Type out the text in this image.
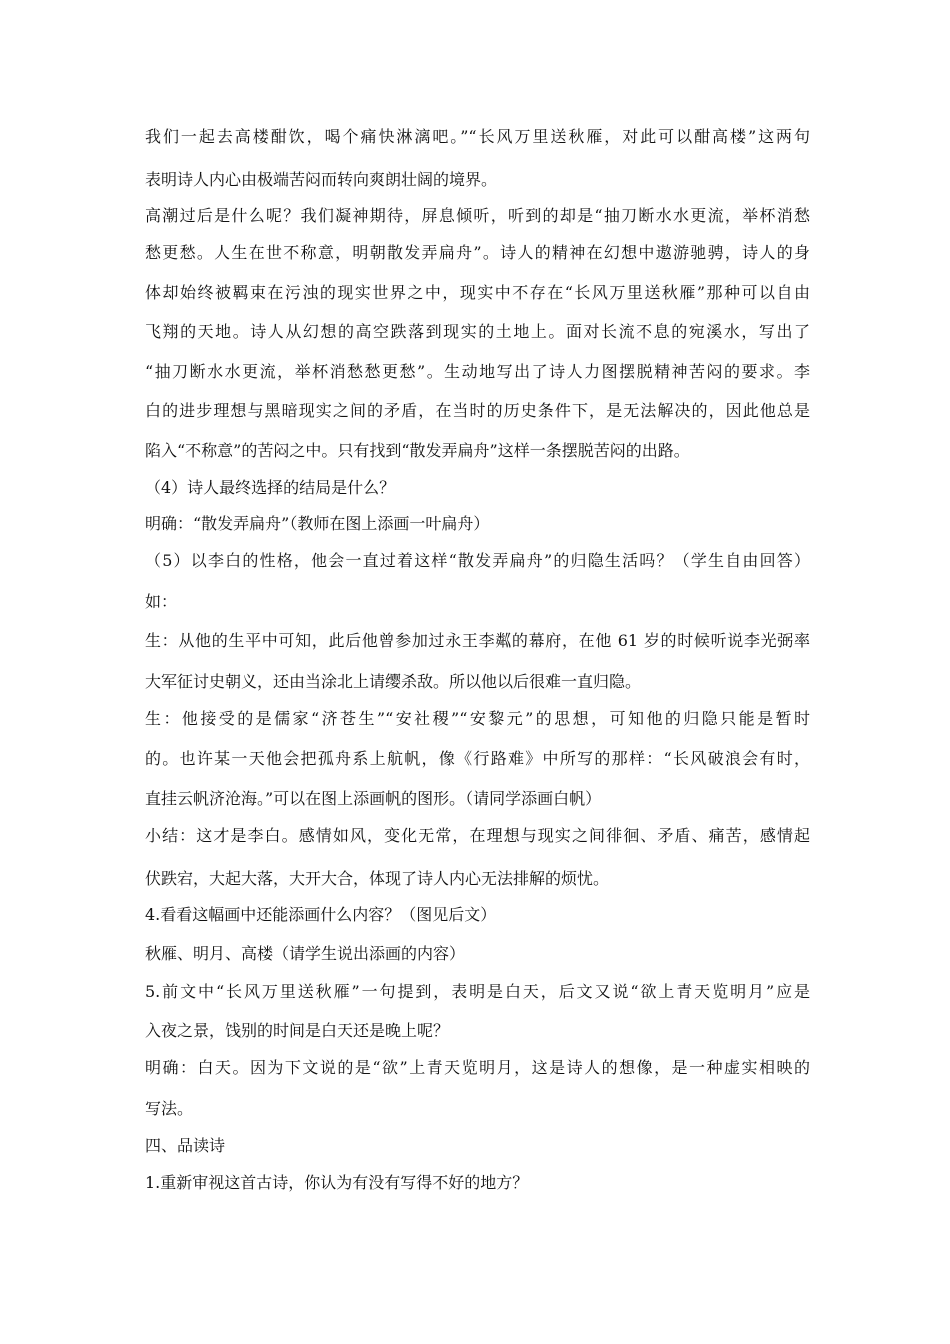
我们一起去高楼酣饮，喝个痛快淋漓吧。”“长风万里送秋雁，对此可以酣高楼”这两句
表明诗人内心由极端苦闷而转向爽朗壮阔的境界。
高潮过后是什么呢？我们凝神期待，屏息倾听，听到的却是“抽刀断水水更流，举杯消愁
愁更愁。人生在世不称意，明朝散发弄扁舟”。诗人的精神在幻想中遨游驰骋，诗人的身
体却始终被羁束在污浊的现实世界之中，现实中不存在“长风万里送秋雁”那种可以自由
飞翔的天地。诗人从幻想的高空跌落到现实的土地上。面对长流不息的宛溪水，写出了
“抽刀断水水更流，举杯消愁愁更愁”。生动地写出了诗人力图摆脱精神苦闷的要求。李
白的进步理想与黑暗现实之间的矛盾，在当时的历史条件下，是无法解决的，因此他总是
陷入“不称意”的苦闷之中。只有找到“散发弄扁舟”这样一条摆脱苦闷的出路。
（4）诗人最终选择的结局是什么？
明确：“散发弄扁舟”（教师在图上添画一叶扁舟）
（5）以李白的性格，他会一直过着这样“散发弄扁舟”的归隐生活吗？（学生自由回答）
如：
生：从他的生平中可知，此后他曾参加过永王李粼的幕府，在他 61 岁的时候听说李光弼率
大军征讨史朝义，还由当涂北上请缨杀敌。所以他以后很难一直归隐。
生：他接受的是儒家“济苍生”“安社稷”“安黎元”的思想，可知他的归隐只能是暂时
的。也许某一天他会把孤舟系上航帆，像《行路难》中所写的那样：“长风破浪会有时，
直挂云帆济沧海。”可以在图上添画帆的图形。（请同学添画白帆）
小结：这才是李白。感情如风，变化无常，在理想与现实之间徘徊、矛盾、痛苦，感情起
伏跌宕，大起大落，大开大合，体现了诗人内心无法排解的烦忧。
4.看看这幅画中还能添画什么内容？（图见后文）
秋雁、明月、高楼（请学生说出添画的内容）
5.前文中“长风万里送秋雁”一句提到，表明是白天，后文又说“欲上青天览明月”应是
入夜之景，饯别的时间是白天还是晚上呢？
明确：白天。因为下文说的是“欲”上青天览明月，这是诗人的想像，是一种虚实相映的
写法。
四、品读诗
1.重新审视这首古诗，你认为有没有写得不好的地方？
